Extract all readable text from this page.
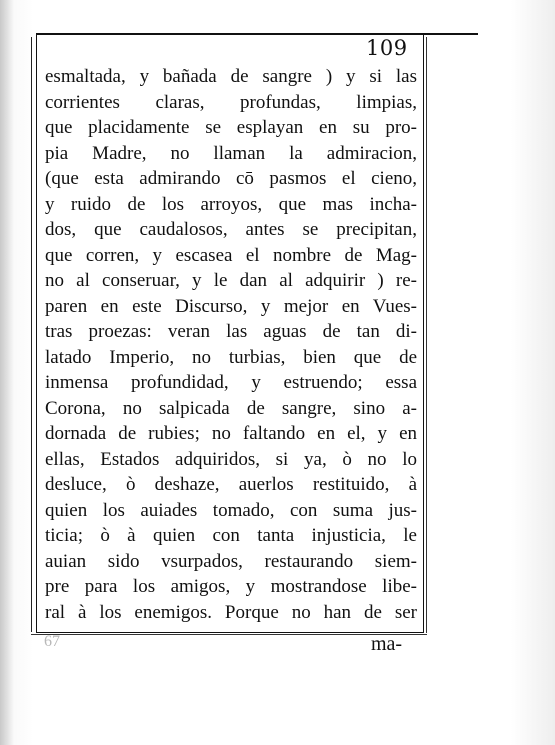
109
esmaltada, y bañada de sangre ) y si las
corrientes claras, profundas, limpias,
que placidamente se esplayan en su pro-
pia Madre, no llaman la admiracion,
(que esta admirando cō pasmos el cieno,
y ruido de los arroyos, que mas incha-
dos, que caudalosos, antes se precipitan,
que corren, y escasea el nombre de Mag-
no al conseruar, y le dan al adquirir ) re-
paren en este Discurso, y mejor en Vues-
tras proezas: veran las aguas de tan di-
latado Imperio, no turbias, bien que de
inmensa profundidad, y estruendo; essa
Corona, no salpicada de sangre, sino a-
dornada de rubies; no faltando en el, y en
ellas, Estados adquiridos, si ya, ò no lo
desluce, ò deshaze, auerlos restituido, à
quien los auiades tomado, con suma jus-
ticia; ò à quien con tanta injusticia, le
auian sido vsurpados, restaurando siem-
pre para los amigos, y mostrandose libe-
ral à los enemigos. Porque no han de ser
67	ma-
